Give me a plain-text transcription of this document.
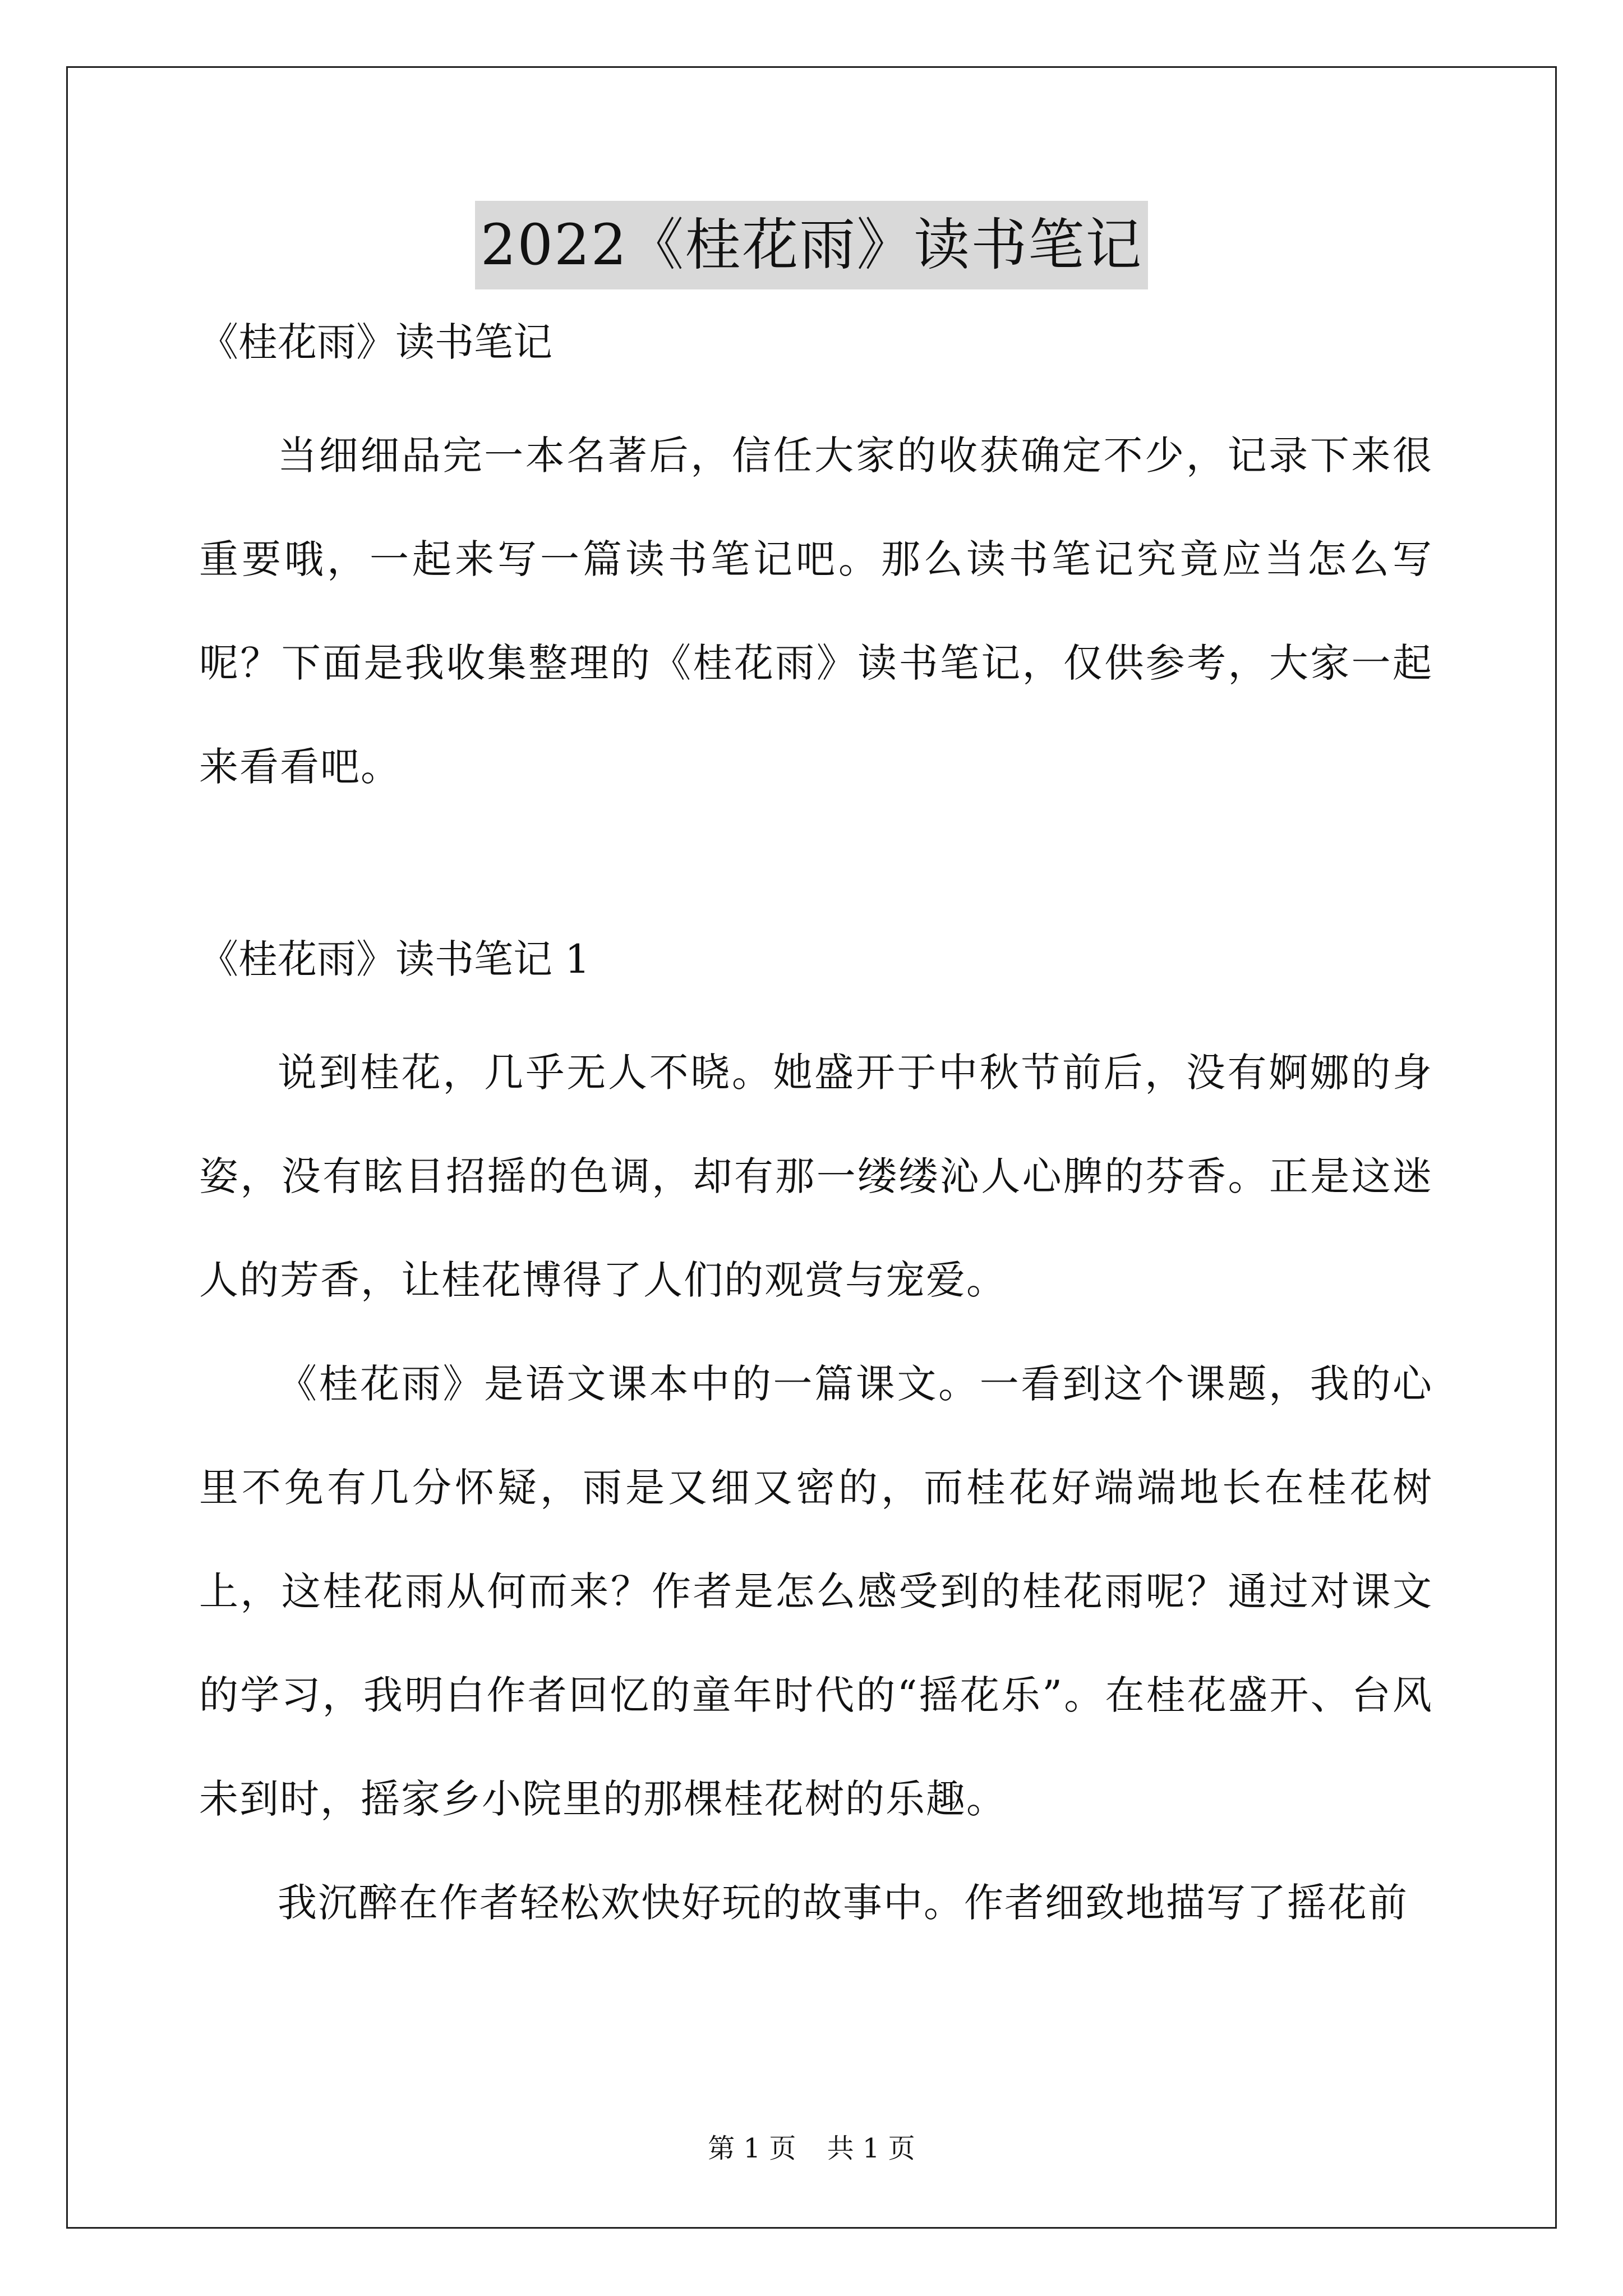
2022《桂花雨》读书笔记

《桂花雨》读书笔记

当细细品完一本名著后，信任大家的收获确定不少，记录下来很重要哦，一起来写一篇读书笔记吧。那么读书笔记究竟应当怎么写呢？下面是我收集整理的《桂花雨》读书笔记，仅供参考，大家一起来看看吧。

《桂花雨》读书笔记 1

说到桂花，几乎无人不晓。她盛开于中秋节前后，没有婀娜的身姿，没有眩目招摇的色调，却有那一缕缕沁人心脾的芬香。正是这迷人的芳香，让桂花博得了人们的观赏与宠爱。

《桂花雨》是语文课本中的一篇课文。一看到这个课题，我的心里不免有几分怀疑，雨是又细又密的，而桂花好端端地长在桂花树上，这桂花雨从何而来？作者是怎么感受到的桂花雨呢？通过对课文的学习，我明白作者回忆的童年时代的“摇花乐”。在桂花盛开、台风未到时，摇家乡小院里的那棵桂花树的乐趣。

我沉醉在作者轻松欢快好玩的故事中。作者细致地描写了摇花前

第 1 页 共 1 页
